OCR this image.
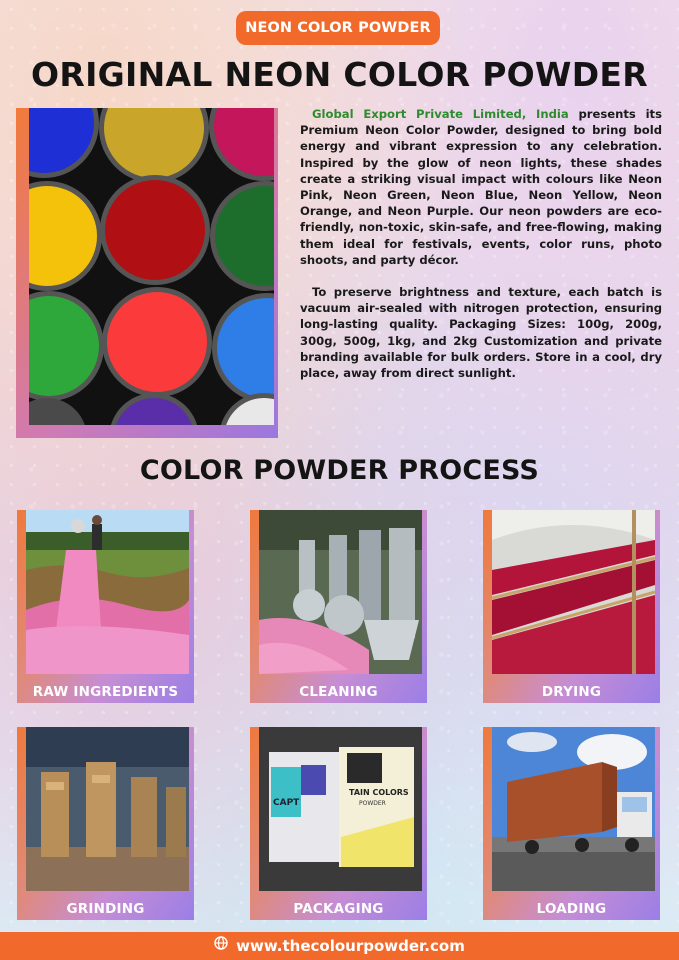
NEON COLOR POWDER
ORIGINAL NEON COLOR POWDER

Global Export Private Limited, India presents its Premium Neon Color Powder, designed to bring bold energy and vibrant expression to any celebration. Inspired by the glow of neon lights, these shades create a striking visual impact with colours like Neon Pink, Neon Green, Neon Blue, Neon Yellow, Neon Orange, and Neon Purple. Our neon powders are eco-friendly, non-toxic, skin-safe, and free-flowing, making them ideal for festivals, events, color runs, photo shoots, and party décor.

To preserve brightness and texture, each batch is vacuum air-sealed with nitrogen protection, ensuring long-lasting quality. Packaging Sizes: 100g, 200g, 300g, 500g, 1kg, and 2kg Customization and private branding available for bulk orders. Store in a cool, dry place, away from direct sunlight.

COLOR POWDER PROCESS
RAW INGREDIENTS	CLEANING	DRYING
GRINDING
CAPT
TAIN COLORS
POWDER
PACKAGING	LOADING
www.thecolourpowder.com
